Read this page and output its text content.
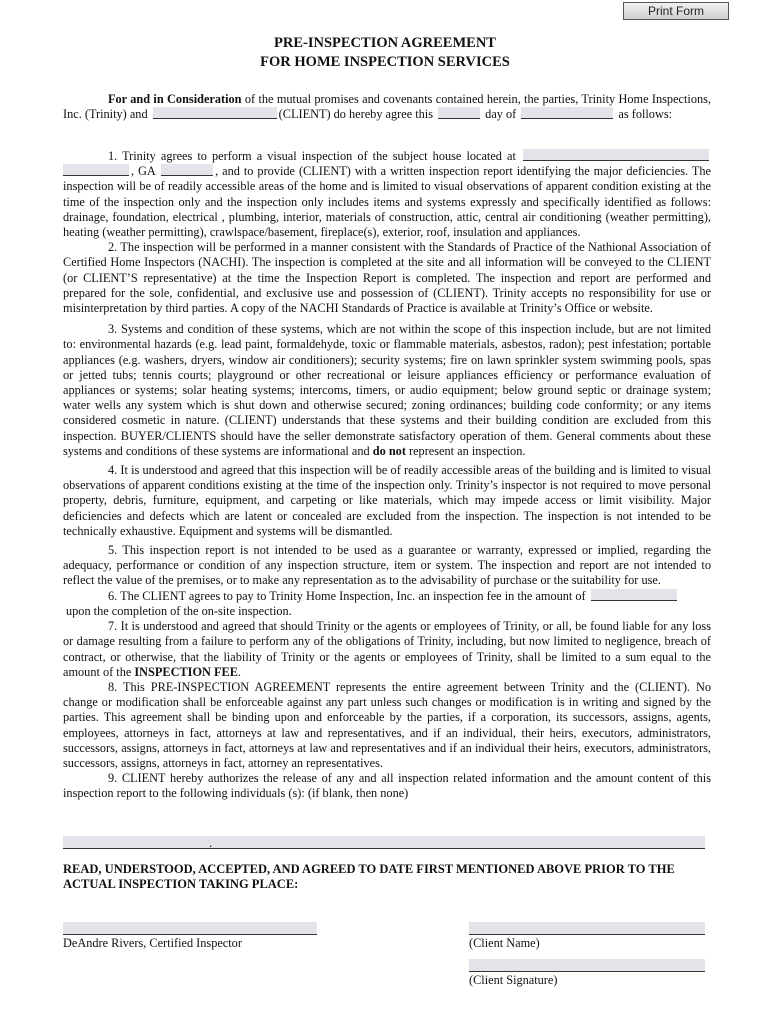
Print Form
PRE-INSPECTION AGREEMENT
FOR HOME INSPECTION SERVICES

For and in Consideration of the mutual promises and covenants contained herein, the parties, Trinity Home Inspections, Inc. (Trinity) and	(CLIENT) do hereby agree this	day of	as follows:

1. Trinity agrees to perform a visual inspection of the subject house located at  , GA	, and to provide (CLIENT) with a written inspection report identifying the major deficiencies. The inspection will be of readily accessible areas of the home and is limited to visual observations of apparent condition existing at the time of the inspection only and the inspection only includes items and systems expressly and specifically identified as follows: drainage, foundation, electrical , plumbing, interior, materials of construction, attic, central air conditioning (weather permitting), heating (weather permitting), crawlspace/basement, fireplace(s), exterior, roof, insulation and appliances.

2. The inspection will be performed in a manner consistent with the Standards of Practice of the Nathional Association of Certified Home Inspectors (NACHI). The inspection is completed at the site and all information will be conveyed to the CLIENT (or CLIENT’S representative) at the time the Inspection Report is completed. The inspection and report are performed and prepared for the sole, confidential, and exclusive use and possession of (CLIENT). Trinity accepts no responsibility for use or misinterpretation by third parties. A copy of the NACHI Standards of Practice is available at Trinity’s Office or website.

3. Systems and condition of these systems, which are not within the scope of this inspection include, but are not limited to: environmental hazards (e.g. lead paint, formaldehyde, toxic or flammable materials, asbestos, radon); pest infestation; portable appliances (e.g. washers, dryers, window air conditioners); security systems; fire on lawn sprinkler system swimming pools, spas or jetted tubs; tennis courts; playground or other recreational or leisure appliances efficiency or performance evaluation of appliances or systems; solar heating systems; intercoms, timers, or audio equipment; below ground septic or drainage system; water wells any system which is shut down and otherwise secured; zoning ordinances; building code conformity; or any items considered cosmetic in nature. (CLIENT) understands that these systems and their building condition are excluded from this inspection. BUYER/CLIENTS should have the seller demonstrate satisfactory operation of them. General comments about these systems and conditions of these systems are informational and do not represent an inspection.

4. It is understood and agreed that this inspection will be of readily accessible areas of the building and is limited to visual observations of apparent conditions existing at the time of the inspection only. Trinity’s inspector is not required to move personal property, debris, furniture, equipment, and carpeting or like materials, which may impede access or limit visibility. Major deficiencies and defects which are latent or concealed are excluded from the inspection. The inspection is not intended to be technically exhaustive. Equipment and systems will be dismantled.

5. This inspection report is not intended to be used as a guarantee or warranty, expressed or implied, regarding the adequacy, performance or condition of any inspection structure, item or system. The inspection and report are not intended to reflect the value of the premises, or to make any representation as to the advisability of purchase or the suitability for use.

6. The CLIENT agrees to pay to Trinity Home Inspection, Inc. an inspection fee in the amount of

upon the completion of the on-site inspection.

7. It is understood and agreed that should Trinity or the agents or employees of Trinity, or all, be found liable for any loss or damage resulting from a failure to perform any of the obligations of Trinity, including, but now limited to negligence, breach of contract, or otherwise, that the liability of Trinity or the agents or employees of Trinity, shall be limited to a sum equal to the amount of the INSPECTION FEE.

8. This PRE-INSPECTION AGREEMENT represents the entire agreement between Trinity and the (CLIENT). No change or modification shall be enforceable against any part unless such changes or modification is in writing and signed by the parties. This agreement shall be binding upon and enforceable by the parties, if a corporation, its successors, assigns, agents, employees, attorneys in fact, attorneys at law and representatives, and if an individual, their heirs, executors, administrators, successors, assigns, attorneys in fact, attorneys at law and representatives and if an individual their heirs, executors, administrators, successors, assigns, attorneys in fact, attorney an representatives.

9. CLIENT hereby authorizes the release of any and all inspection related information and the amount content of this inspection report to the following individuals (s): (if blank, then none)

.
READ, UNDERSTOOD, ACCEPTED, AND AGREED TO DATE FIRST MENTIONED ABOVE PRIOR TO THE ACTUAL INSPECTION TAKING PLACE:
DeAndre Rivers, Certified Inspector	(Client Name)
(Client Signature)
